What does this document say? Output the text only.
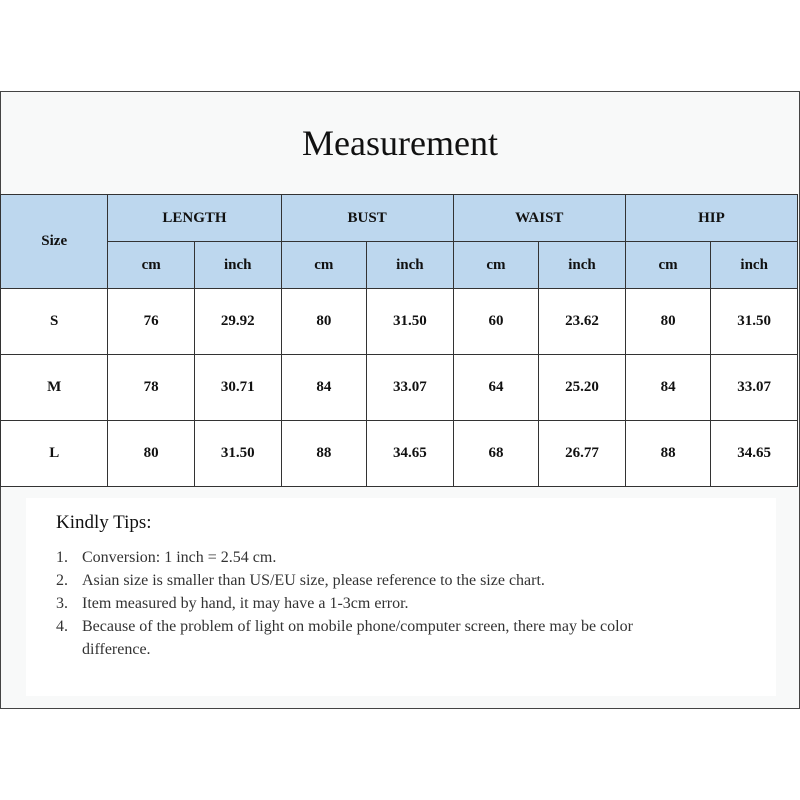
Measurement
Size	LENGTH		BUST		WAIST		HIP	
	cm	inch	cm	inch	cm	inch	cm	inch
S	76	29.92	80	31.50	60	23.62	80	31.50
M	78	30.71	84	33.07	64	25.20	84	33.07
L	80	31.50	88	34.65	68	26.77	88	34.65
Kindly Tips:
1. Conversion: 1 inch = 2.54 cm.
2. Asian size is smaller than US/EU size, please reference to the size chart.
3. Item measured by hand, it may have a 1-3cm error.
4. Because of the problem of light on mobile phone/computer screen, there may be color difference.
